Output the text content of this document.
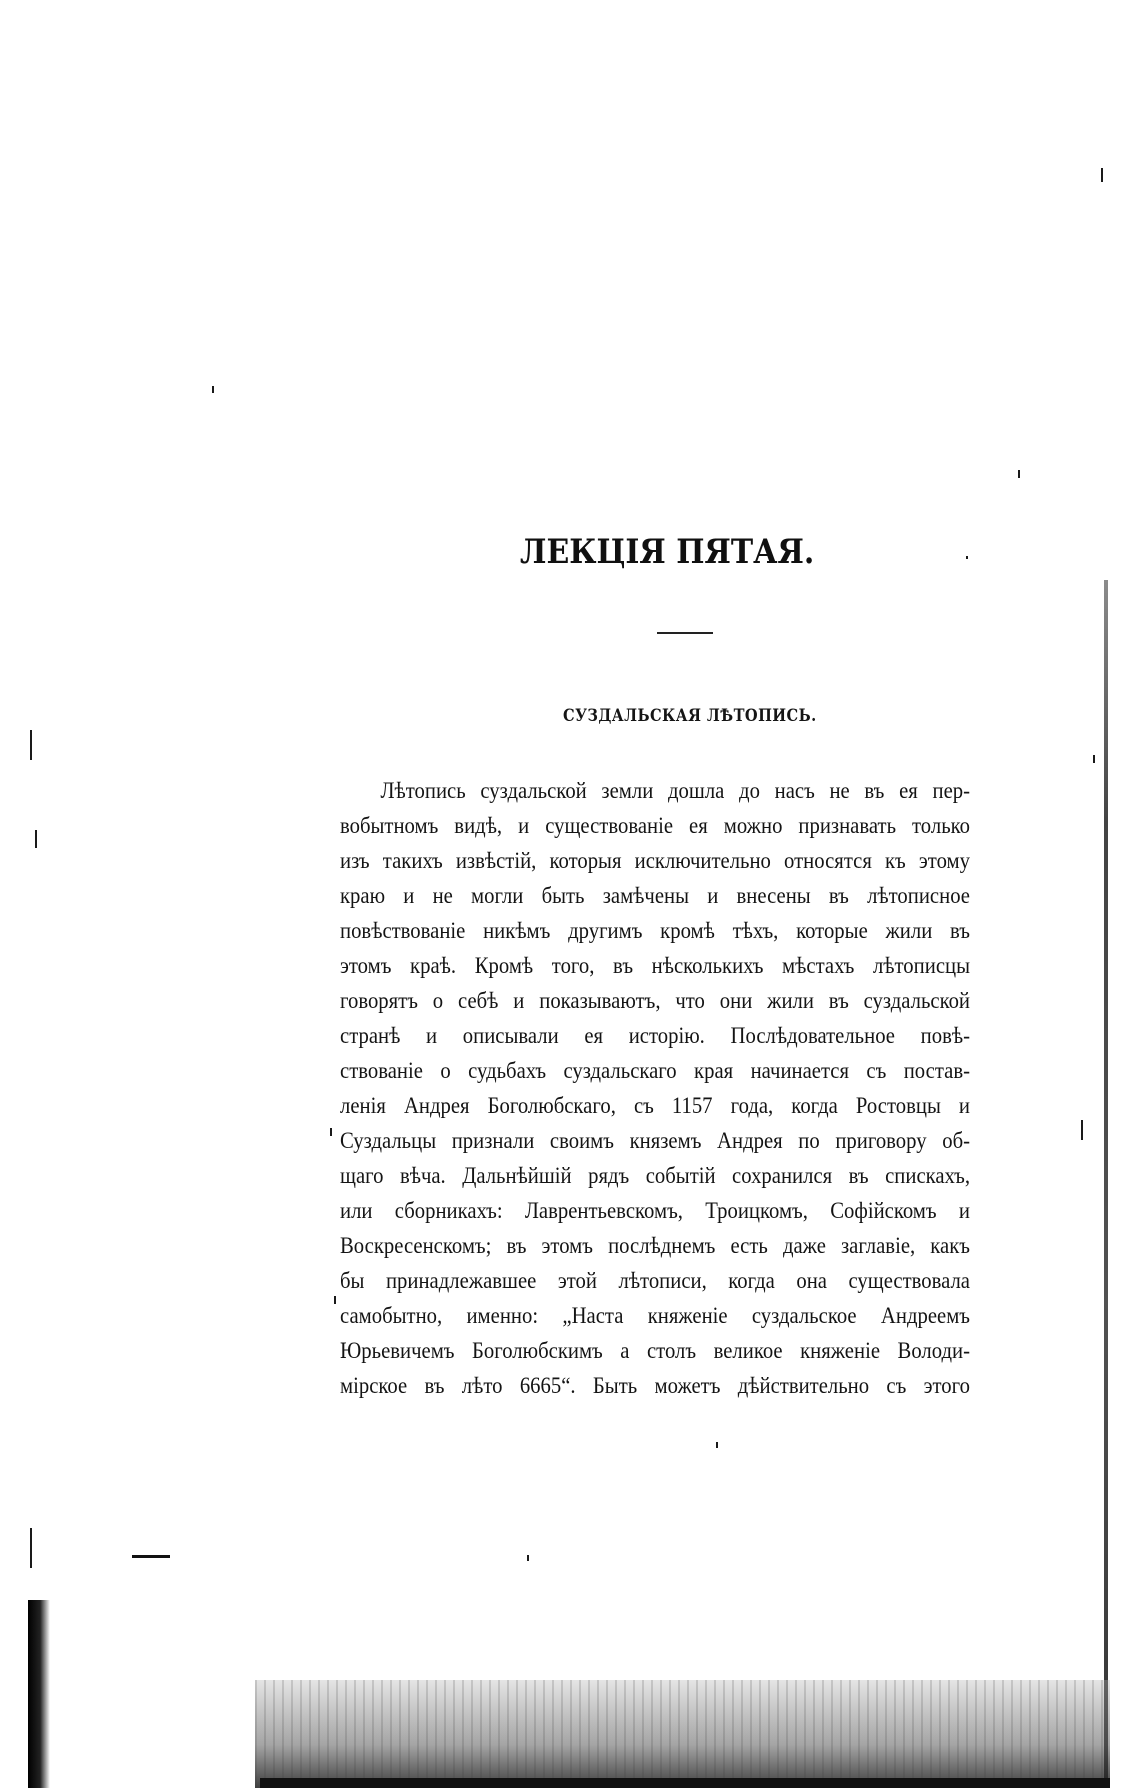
ЛЕКЦІЯ ПЯТАЯ.
СУЗДАЛЬСКАЯ ЛѢТОПИСЬ.
Лѣтопись суздальской земли дошла до насъ не въ ея пер-
вобытномъ видѣ, и существованіе ея можно признавать только
изъ такихъ извѣстій, которыя исключительно относятся къ этому
краю и не могли быть замѣчены и внесены въ лѣтописное
повѣствованіе никѣмъ другимъ кромѣ тѣхъ, которые жили въ
этомъ краѣ. Кромѣ того, въ нѣсколькихъ мѣстахъ лѣтописцы
говорятъ о себѣ и показываютъ, что они жили въ суздальской
странѣ и описывали ея исторію. Послѣдовательное повѣ-
ствованіе о судьбахъ суздальскаго края начинается съ постав-
ленія Андрея Боголюбскаго, съ 1157 года, когда Ростовцы и
Суздальцы признали своимъ княземъ Андрея по приговору об-
щаго вѣча. Дальнѣйшій рядъ событій сохранился въ спискахъ,
или сборникахъ: Лаврентьевскомъ, Троицкомъ, Софійскомъ и
Воскресенскомъ; въ этомъ послѣднемъ есть даже заглавіе, какъ
бы принадлежавшее этой лѣтописи, когда она существовала
самобытно, именно: „Наста княженіе суздальское Андреемъ
Юрьевичемъ Боголюбскимъ а столъ великое княженіе Володи-
мірское въ лѣто 6665“. Быть можетъ дѣйствительно съ этого
